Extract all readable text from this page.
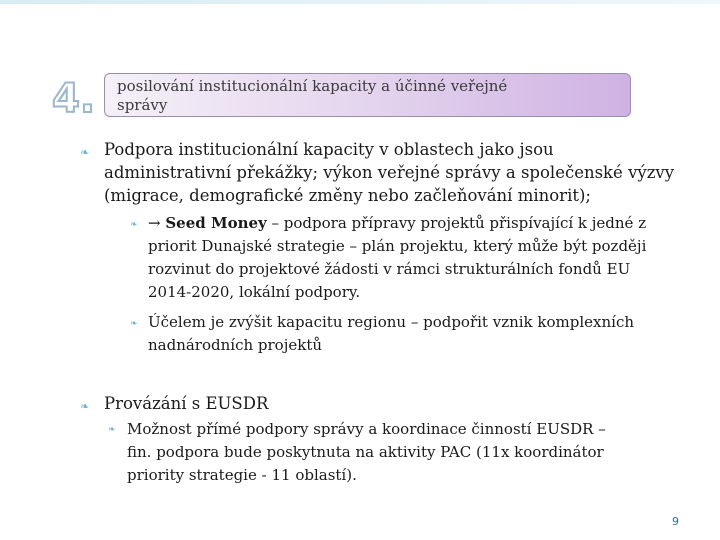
4. posilování institucionální kapacity a účinné veřejné
správy
❧ Podpora institucionální kapacity v oblastech jako jsou
administrativní překážky; výkon veřejné správy a společenské výzvy
(migrace, demografické změny nebo začleňování minorit);
❧ → Seed Money – podpora přípravy projektů přispívající k jedné z
priorit Dunajské strategie – plán projektu, který může být později
rozvinut do projektové žádosti v rámci strukturálních fondů EU
2014-2020, lokální podpory.
❧ Účelem je zvýšit kapacitu regionu – podpořit vznik komplexních
nadnárodních projektů
❧ Provázání s EUSDR
❧ Možnost přímé podpory správy a koordinace činností EUSDR –
fin. podpora bude poskytnuta na aktivity PAC (11x koordinátor
priority strategie - 11 oblastí).
9
